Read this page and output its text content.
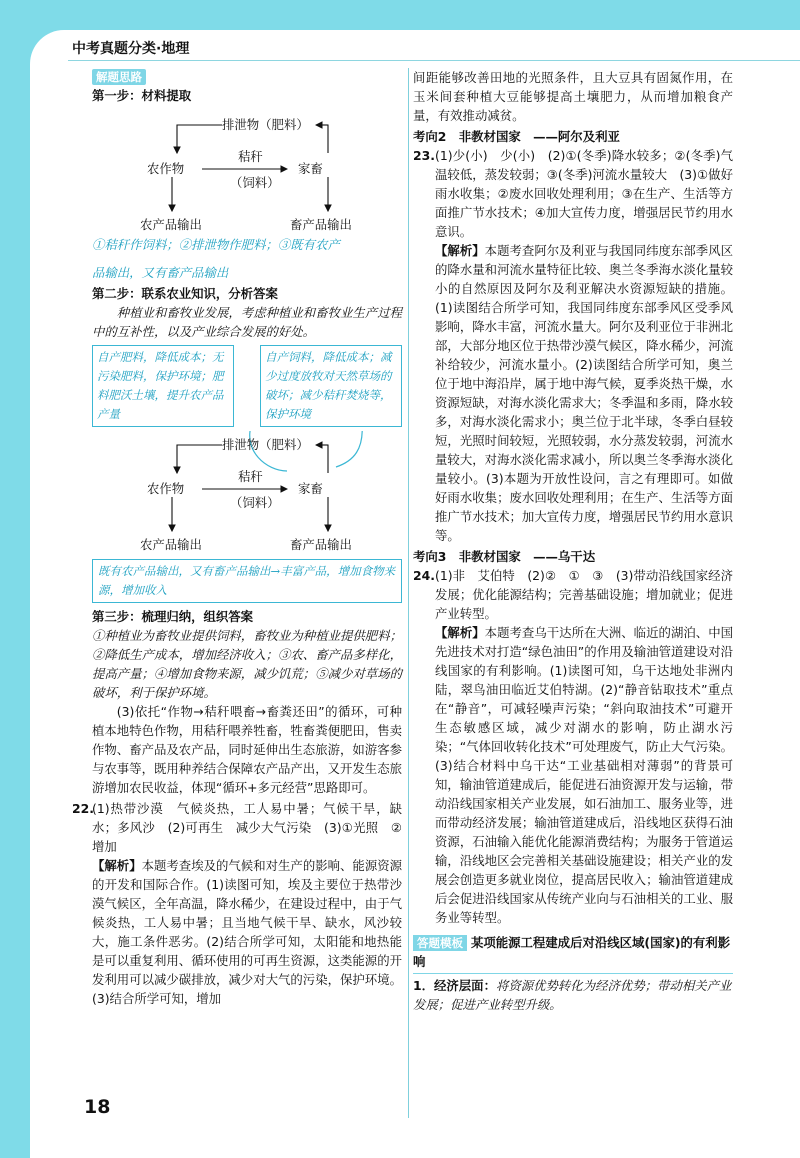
中考真题分类·地理
18
解题思路
第一步：材料提取
排泄物（肥料）
秸秆
农作物	家畜
（饲料）
农产品输出	畜产品输出
①秸秆作饲料；②排泄物作肥料；③既有农产
品输出，又有畜产品输出
第二步：联系农业知识，分析答案
种植业和畜牧业发展，考虑种植业和畜牧业生产过程中的互补性，以及产业综合发展的好处。
自产肥料，降低成本；无污染肥料，保护环境；肥料肥沃土壤，提升农产品产量
自产饲料，降低成本；减少过度放牧对天然草场的破坏；减少秸秆焚烧等，保护环境
排泄物（肥料）
秸秆
农作物	家畜
（饲料）
农产品输出	畜产品输出
既有农产品输出，又有畜产品输出→丰富产品，增加食物来源，增加收入
第三步：梳理归纳，组织答案
①种植业为畜牧业提供饲料，畜牧业为种植业提供肥料；②降低生产成本，增加经济收入；③农、畜产品多样化，提高产量；④增加食物来源，减少饥荒；⑤减少对草场的破坏，利于保护环境。
(3)依托“作物→秸秆喂畜→畜粪还田”的循环，可种植本地特色作物，用秸秆喂养牲畜，牲畜粪便肥田，售卖作物、畜产品及农产品，同时延伸出生态旅游，如游客参与农事等，既用种养结合保障农产品产出，又开发生态旅游增加农民收益，体现“循环+多元经营”思路即可。
22.
(1)热带沙漠　气候炎热，工人易中暑；气候干旱，缺水；多风沙　(2)可再生　减少大气污染　(3)①光照　②增加
【解析】本题考查埃及的气候和对生产的影响、能源资源的开发和国际合作。(1)读图可知，埃及主要位于热带沙漠气候区，全年高温，降水稀少，在建设过程中，由于气候炎热，工人易中暑；且当地气候干旱、缺水，风沙较大，施工条件恶劣。(2)结合所学可知，太阳能和地热能是可以重复利用、循环使用的可再生资源，这类能源的开发利用可以减少碳排放，减少对大气的污染，保护环境。(3)结合所学可知，增加
间距能够改善田地的光照条件，且大豆具有固氮作用，在玉米间套种植大豆能够提高土壤肥力，从而增加粮食产量，有效推动减贫。
考向2　非教材国家　——阿尔及利亚
23. (1)少(小)　少(小)　(2)①(冬季)降水较多；②(冬季)气温较低，蒸发较弱；③(冬季)河流水量较大　(3)①做好雨水收集；②废水回收处理利用；③在生产、生活等方面推广节水技术；④加大宣传力度，增强居民节约用水意识。
【解析】本题考查阿尔及利亚与我国同纬度东部季风区的降水量和河流水量特征比较、奥兰冬季海水淡化量较小的自然原因及阿尔及利亚解决水资源短缺的措施。(1)读图结合所学可知，我国同纬度东部季风区受季风影响，降水丰富，河流水量大。阿尔及利亚位于非洲北部，大部分地区位于热带沙漠气候区，降水稀少，河流补给较少，河流水量小。(2)读图结合所学可知，奥兰位于地中海沿岸，属于地中海气候，夏季炎热干燥，水资源短缺，对海水淡化需求大；冬季温和多雨，降水较多，对海水淡化需求小；奥兰位于北半球，冬季白昼较短，光照时间较短，光照较弱，水分蒸发较弱，河流水量较大，对海水淡化需求减小，所以奥兰冬季海水淡化量较小。(3)本题为开放性设问，言之有理即可。如做好雨水收集；废水回收处理利用；在生产、生活等方面推广节水技术；加大宣传力度，增强居民节约用水意识等。
考向3　非教材国家　——乌干达
24. (1)非　艾伯特　(2)②　①　③　(3)带动沿线国家经济发展；优化能源结构；完善基础设施；增加就业；促进产业转型。
【解析】本题考查乌干达所在大洲、临近的湖泊、中国先进技术对打造“绿色油田”的作用及输油管道建设对沿线国家的有利影响。(1)读图可知，乌干达地处非洲内陆，翠鸟油田临近艾伯特湖。(2)“静音钻取技术”重点在“静音”，可减轻噪声污染；“斜向取油技术”可避开生态敏感区域，减少对湖水的影响，防止湖水污染；“气体回收转化技术”可处理废气，防止大气污染。(3)结合材料中乌干达“工业基础相对薄弱”的背景可知，输油管道建成后，能促进石油资源开发与运输，带动沿线国家相关产业发展，如石油加工、服务业等，进而带动经济发展；输油管道建成后，沿线地区获得石油资源，石油输入能优化能源消费结构；为服务于管道运输，沿线地区会完善相关基础设施建设；相关产业的发展会创造更多就业岗位，提高居民收入；输油管道建成后会促进沿线国家从传统产业向与石油相关的工业、服务业等转型。
答题模板 某项能源工程建成后对沿线区域(国家)的有利影响
1．经济层面：将资源优势转化为经济优势；带动相关产业发展；促进产业转型升级。
